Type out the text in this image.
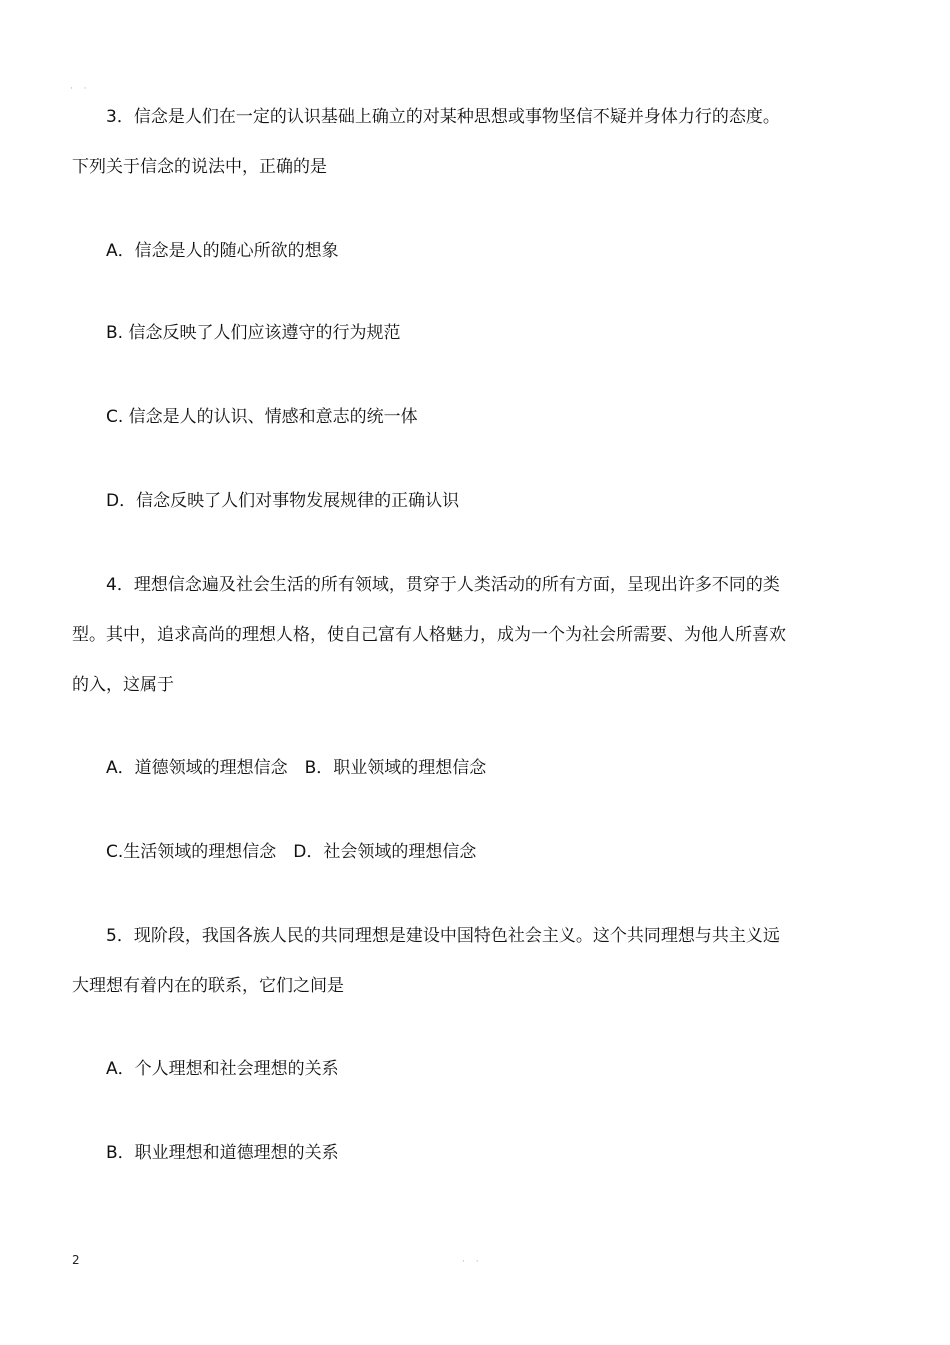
· ·
3．信念是人们在一定的认识基础上确立的对某种思想或事物坚信不疑并身体力行的态度。
下列关于信念的说法中，正确的是
A．信念是人的随心所欲的想象
B. 信念反映了人们应该遵守的行为规范
C. 信念是人的认识、情感和意志的统一体
D．信念反映了人们对事物发展规律的正确认识
4．理想信念遍及社会生活的所有领域，贯穿于人类活动的所有方面，呈现出许多不同的类
型。其中，追求高尚的理想人格，使自己富有人格魅力，成为一个为社会所需要、为他人所喜欢
的入，这属于
A．道德领域的理想信念　B．职业领域的理想信念
C.生活领域的理想信念　D．社会领域的理想信念
5．现阶段，我国各族人民的共同理想是建设中国特色社会主义。这个共同理想与共主义远
大理想有着内在的联系，它们之间是
A．个人理想和社会理想的关系
B．职业理想和道德理想的关系
2	· ·
